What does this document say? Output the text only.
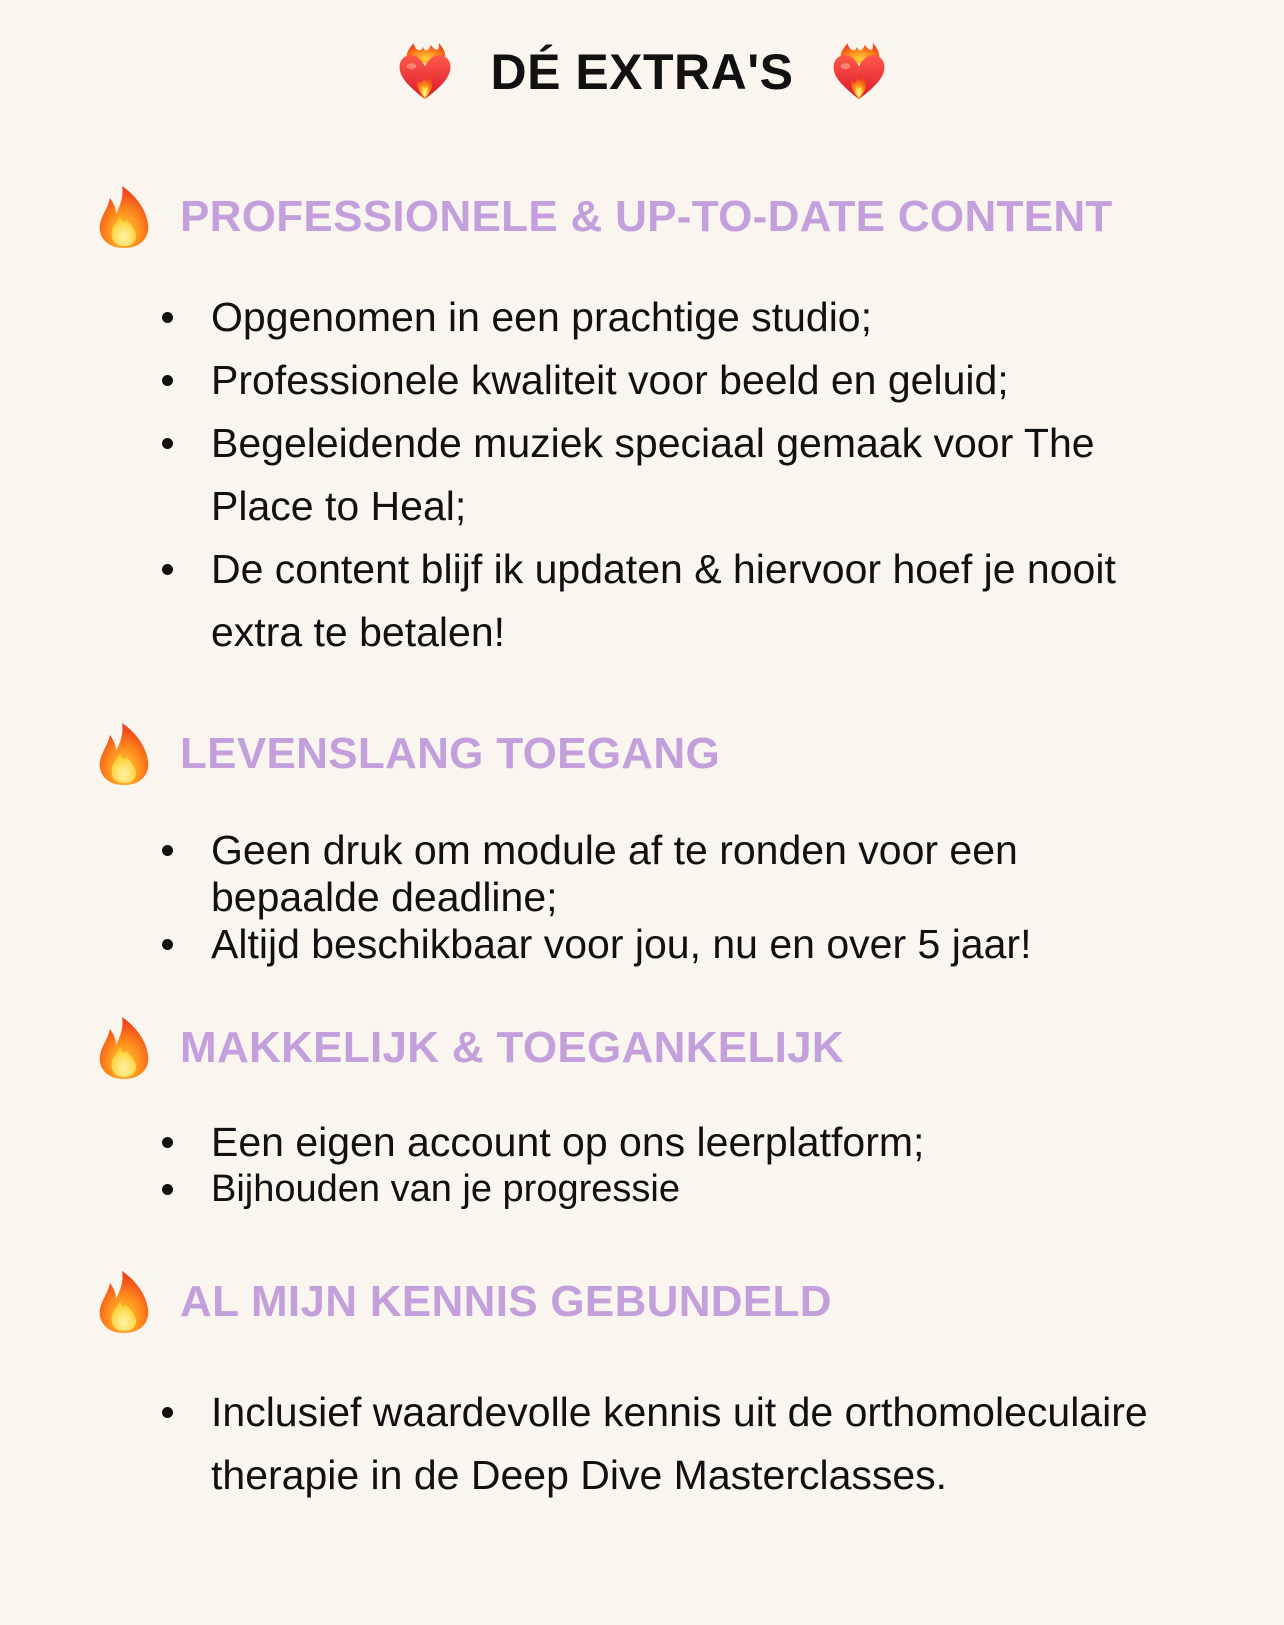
DÉ EXTRA'S
PROFESSIONELE & UP-TO-DATE CONTENT
Opgenomen in een prachtige studio;
Professionele kwaliteit voor beeld en geluid;
Begeleidende muziek speciaal gemaak voor The Place to Heal;
De content blijf ik updaten & hiervoor hoef je nooit extra te betalen!
LEVENSLANG TOEGANG
Geen druk om module af te ronden voor een bepaalde deadline;
Altijd beschikbaar voor jou, nu en over 5 jaar!
MAKKELIJK & TOEGANKELIJK
Een eigen account op ons leerplatform;
Bijhouden van je progressie
AL MIJN KENNIS GEBUNDELD
Inclusief waardevolle kennis uit de orthomoleculaire therapie in de Deep Dive Masterclasses.
